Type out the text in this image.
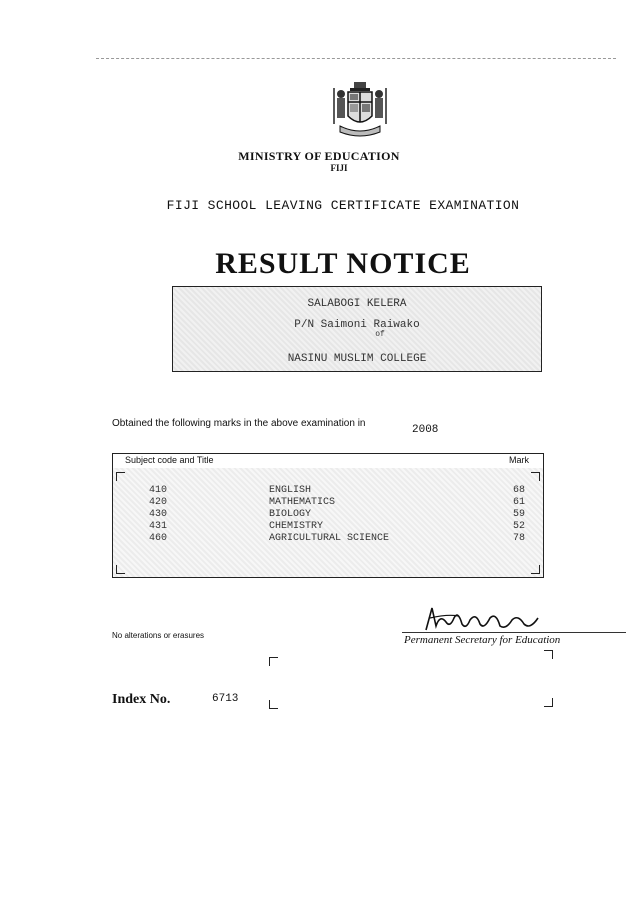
MINISTRY OF EDUCATION
FIJI
FIJI SCHOOL LEAVING CERTIFICATE EXAMINATION
RESULT NOTICE
SALABOGI KELERA
P/N Saimoni Raiwako
of
NASINU MUSLIM COLLEGE
Obtained the following marks in the above examination in
2008
Subject code and Title	Mark
410	ENGLISH	68
420	MATHEMATICS	61
430	BIOLOGY	59
431	CHEMISTRY	52
460	AGRICULTURAL SCIENCE	78
No alterations or erasures	Permanent Secretary for Education
Index No.	6713
